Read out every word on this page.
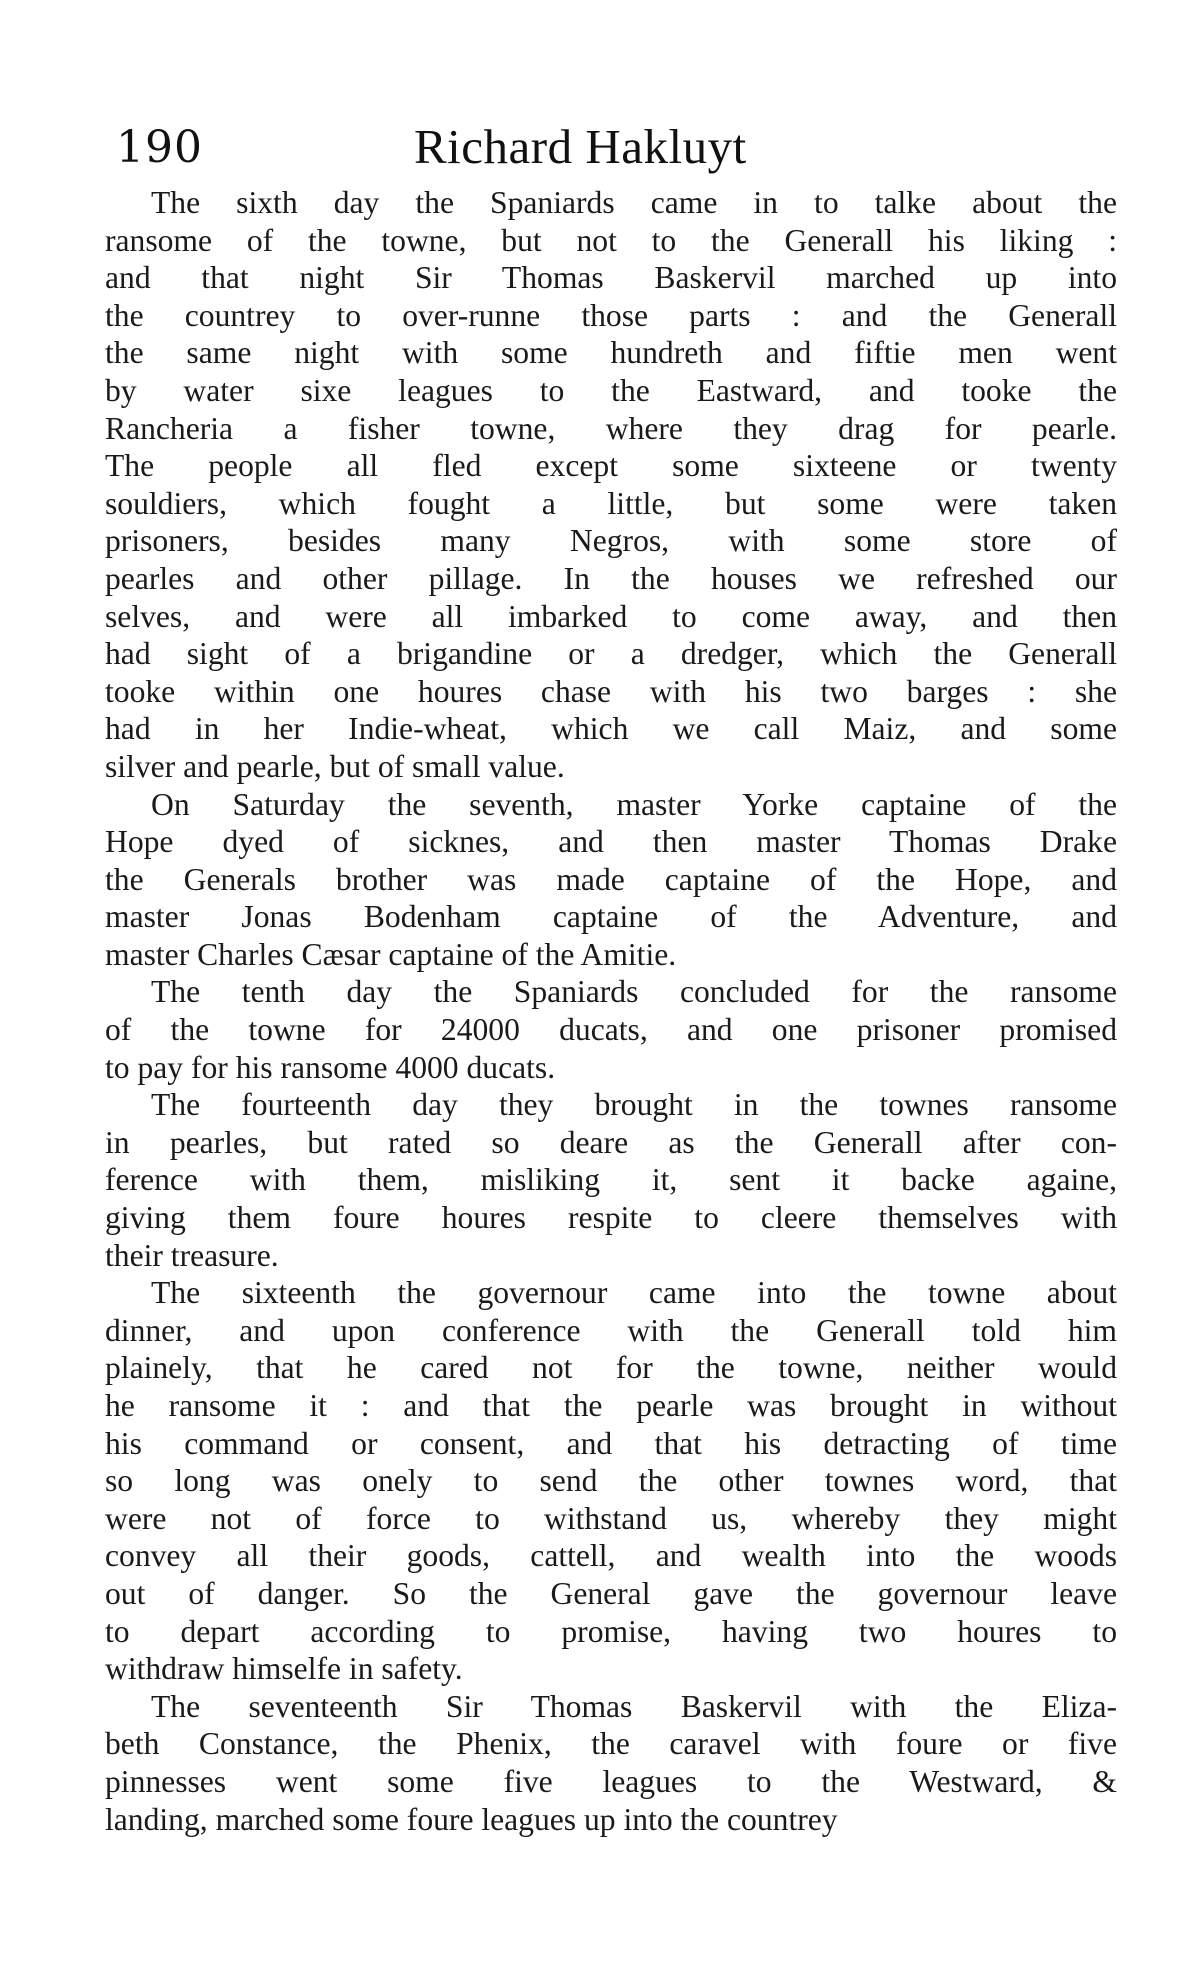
190	Richard Hakluyt
The sixth day the Spaniards came in to talke about the
ransome of the towne, but not to the Generall his liking :
and that night Sir Thomas Baskervil marched up into
the countrey to over-runne those parts : and the Generall
the same night with some hundreth and fiftie men went
by water sixe leagues to the Eastward, and tooke the
Rancheria a fisher towne, where they drag for pearle.
The people all fled except some sixteene or twenty
souldiers, which fought a little, but some were taken
prisoners, besides many Negros, with some store of
pearles and other pillage. In the houses we refreshed our
selves, and were all imbarked to come away, and then
had sight of a brigandine or a dredger, which the Generall
tooke within one houres chase with his two barges : she
had in her Indie-wheat, which we call Maiz, and some
silver and pearle, but of small value.
On Saturday the seventh, master Yorke captaine of the
Hope dyed of sicknes, and then master Thomas Drake
the Generals brother was made captaine of the Hope, and
master Jonas Bodenham captaine of the Adventure, and
master Charles Cæsar captaine of the Amitie.
The tenth day the Spaniards concluded for the ransome
of the towne for 24000 ducats, and one prisoner promised
to pay for his ransome 4000 ducats.
The fourteenth day they brought in the townes ransome
in pearles, but rated so deare as the Generall after con-
ference with them, misliking it, sent it backe againe,
giving them foure houres respite to cleere themselves with
their treasure.
The sixteenth the governour came into the towne about
dinner, and upon conference with the Generall told him
plainely, that he cared not for the towne, neither would
he ransome it : and that the pearle was brought in without
his command or consent, and that his detracting of time
so long was onely to send the other townes word, that
were not of force to withstand us, whereby they might
convey all their goods, cattell, and wealth into the woods
out of danger. So the General gave the governour leave
to depart according to promise, having two houres to
withdraw himselfe in safety.
The seventeenth Sir Thomas Baskervil with the Eliza-
beth Constance, the Phenix, the caravel with foure or five
pinnesses went some five leagues to the Westward, &
landing, marched some foure leagues up into the countrey
